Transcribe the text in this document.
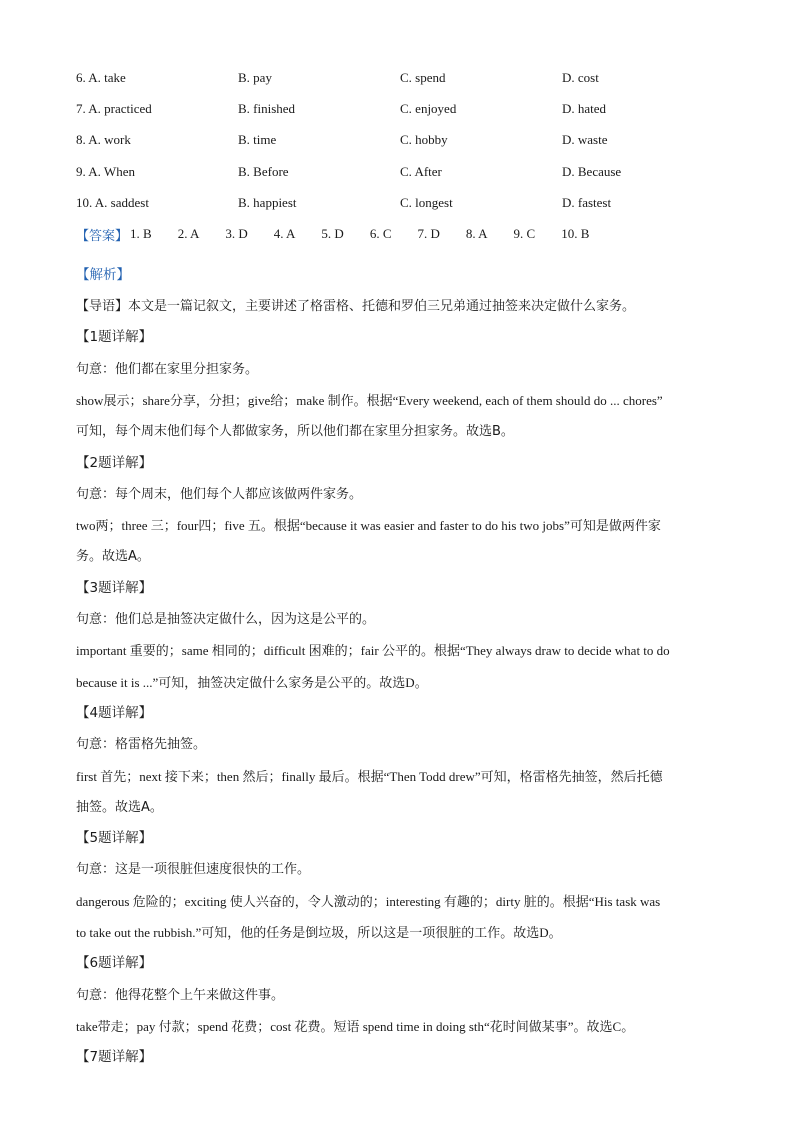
6. A. take	B. pay	C. spend	D. cost
7. A. practiced	B. finished	C. enjoyed	D. hated
8. A. work	B. time	C. hobby	D. waste
9. A. When	B. Before	C. After	D. Because
10. A. saddest	B. happiest	C. longest	D. fastest
【答案】 1. B 2. A 3. D 4. A 5. D 6. C 7. D 8. A 9. C 10. B
【解析】
【导语】本文是一篇记叙文，主要讲述了格雷格、托德和罗伯三兄弟通过抽签来决定做什么家务。
【1题详解】
句意：他们都在家里分担家务。
show展示；share分享，分担；give给；make 制作。根据“Every weekend, each of them should do ... chores”
可知，每个周末他们每个人都做家务，所以他们都在家里分担家务。故选B。
【2题详解】
句意：每个周末，他们每个人都应该做两件家务。
two两；three 三；four四；five 五。根据“because it was easier and faster to do his two jobs”可知是做两件家
务。故选A。
【3题详解】
句意：他们总是抽签决定做什么，因为这是公平的。
important 重要的；same 相同的；difficult 困难的；fair 公平的。根据“They always draw to decide what to do
because it is ...”可知，抽签决定做什么家务是公平的。故选D。
【4题详解】
句意：格雷格先抽签。
first 首先；next 接下来；then 然后；finally 最后。根据“Then Todd drew”可知，格雷格先抽签，然后托德
抽签。故选A。
【5题详解】
句意：这是一项很脏但速度很快的工作。
dangerous 危险的；exciting 使人兴奋的，令人激动的；interesting 有趣的；dirty 脏的。根据“His task was
to take out the rubbish.”可知，他的任务是倒垃圾，所以这是一项很脏的工作。故选D。
【6题详解】
句意：他得花整个上午来做这件事。
take带走；pay 付款；spend 花费；cost 花费。短语 spend time in doing sth“花时间做某事”。故选C。
【7题详解】
